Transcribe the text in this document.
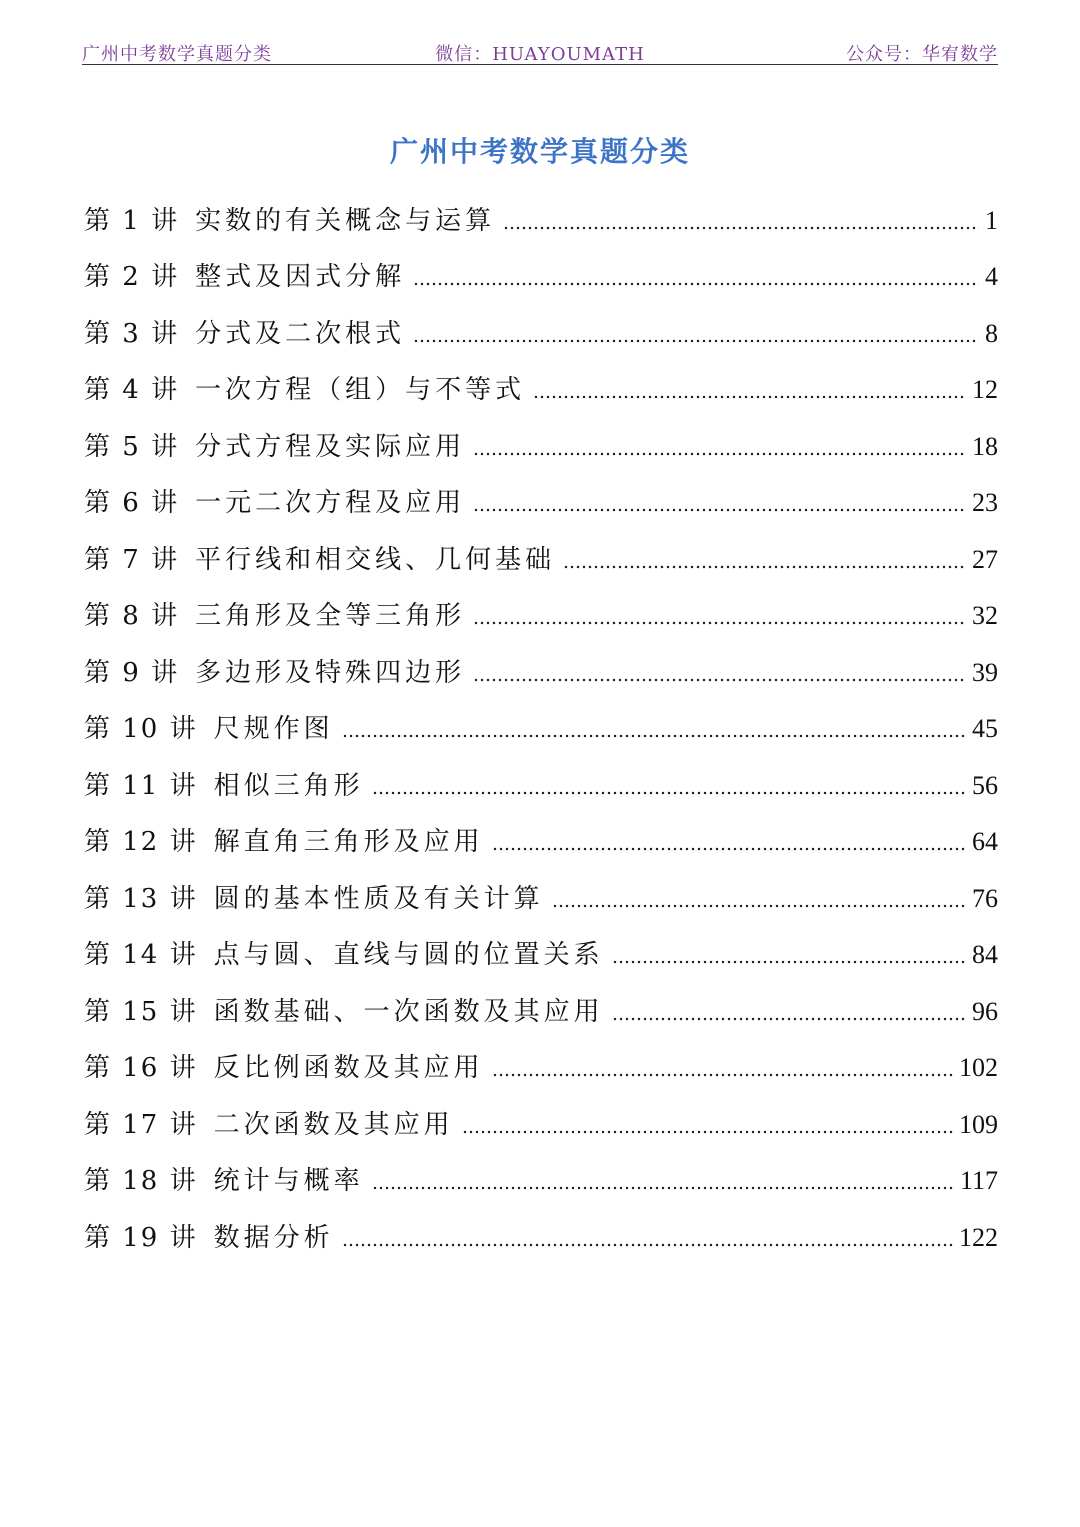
广州中考数学真题分类	微信：HUAYOUMATH	公众号：华宥数学
广州中考数学真题分类
第 1 讲 实数的有关概念与运算	1
第 2 讲 整式及因式分解	4
第 3 讲 分式及二次根式	8
第 4 讲 一次方程（组）与不等式	12
第 5 讲 分式方程及实际应用	18
第 6 讲 一元二次方程及应用	23
第 7 讲 平行线和相交线、几何基础	27
第 8 讲 三角形及全等三角形	32
第 9 讲 多边形及特殊四边形	39
第 10 讲 尺规作图	45
第 11 讲 相似三角形	56
第 12 讲 解直角三角形及应用	64
第 13 讲 圆的基本性质及有关计算	76
第 14 讲 点与圆、直线与圆的位置关系	84
第 15 讲 函数基础、一次函数及其应用	96
第 16 讲 反比例函数及其应用	102
第 17 讲 二次函数及其应用	109
第 18 讲 统计与概率	117
第 19 讲 数据分析	122
